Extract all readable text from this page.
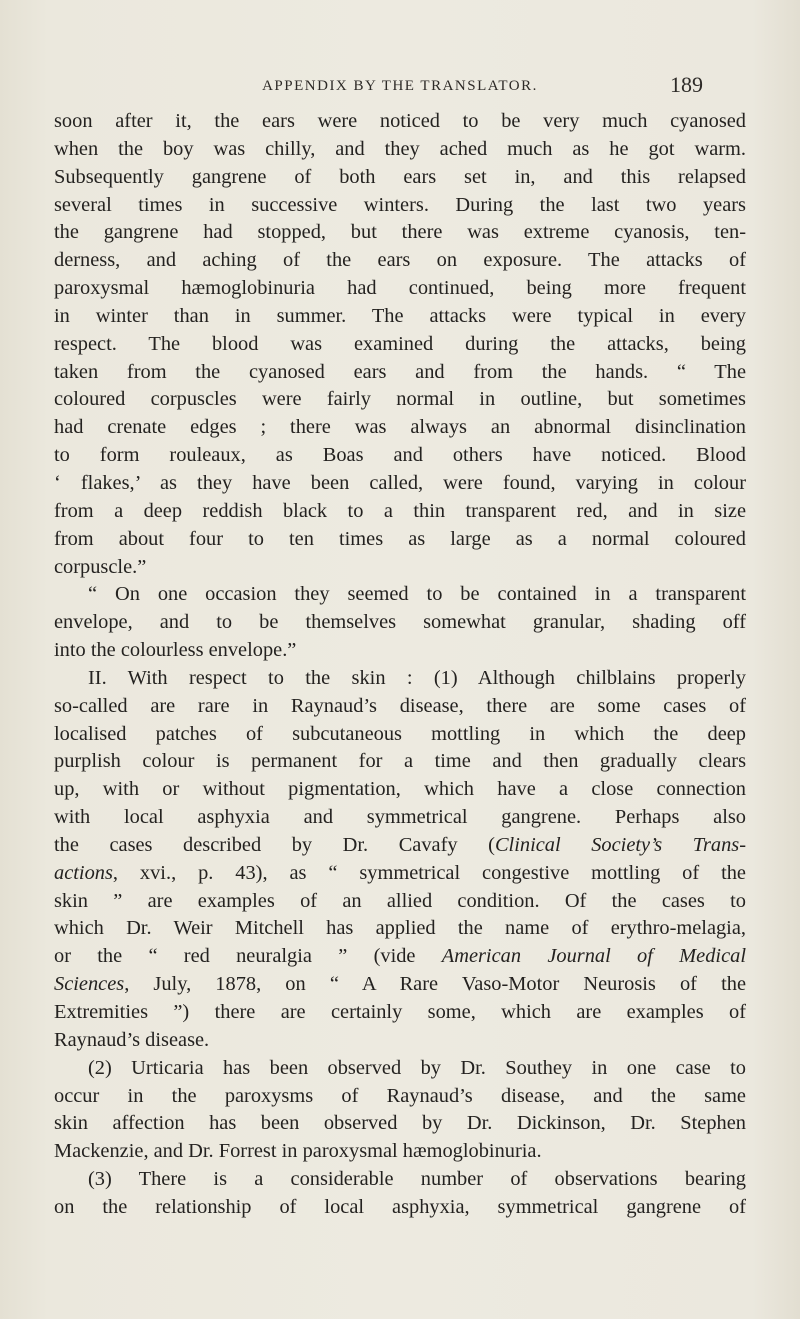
APPENDIX BY THE TRANSLATOR.	189
soon after it, the ears were noticed to be very much cyanosed
when the boy was chilly, and they ached much as he got warm.
Subsequently gangrene of both ears set in, and this relapsed
several times in successive winters. During the last two years
the gangrene had stopped, but there was extreme cyanosis, ten-
derness, and aching of the ears on exposure. The attacks of
paroxysmal hæmoglobinuria had continued, being more frequent
in winter than in summer. The attacks were typical in every
respect. The blood was examined during the attacks, being
taken from the cyanosed ears and from the hands. “ The
coloured corpuscles were fairly normal in outline, but sometimes
had crenate edges ; there was always an abnormal disinclination
to form rouleaux, as Boas and others have noticed. Blood
‘ flakes,’ as they have been called, were found, varying in colour
from a deep reddish black to a thin transparent red, and in size
from about four to ten times as large as a normal coloured
corpuscle.”
“ On one occasion they seemed to be contained in a transparent
envelope, and to be themselves somewhat granular, shading off
into the colourless envelope.”
II. With respect to the skin : (1) Although chilblains properly
so-called are rare in Raynaud’s disease, there are some cases of
localised patches of subcutaneous mottling in which the deep
purplish colour is permanent for a time and then gradually clears
up, with or without pigmentation, which have a close connection
with local asphyxia and symmetrical gangrene. Perhaps also
the cases described by Dr. Cavafy (Clinical Society’s Trans-
actions, xvi., p. 43), as “ symmetrical congestive mottling of the
skin ” are examples of an allied condition. Of the cases to
which Dr. Weir Mitchell has applied the name of erythro-melagia,
or the “ red neuralgia ” (vide American Journal of Medical
Sciences, July, 1878, on “ A Rare Vaso-Motor Neurosis of the
Extremities ”) there are certainly some, which are examples of
Raynaud’s disease.
(2) Urticaria has been observed by Dr. Southey in one case to
occur in the paroxysms of Raynaud’s disease, and the same
skin affection has been observed by Dr. Dickinson, Dr. Stephen
Mackenzie, and Dr. Forrest in paroxysmal hæmoglobinuria.
(3) There is a considerable number of observations bearing
on the relationship of local asphyxia, symmetrical gangrene of
